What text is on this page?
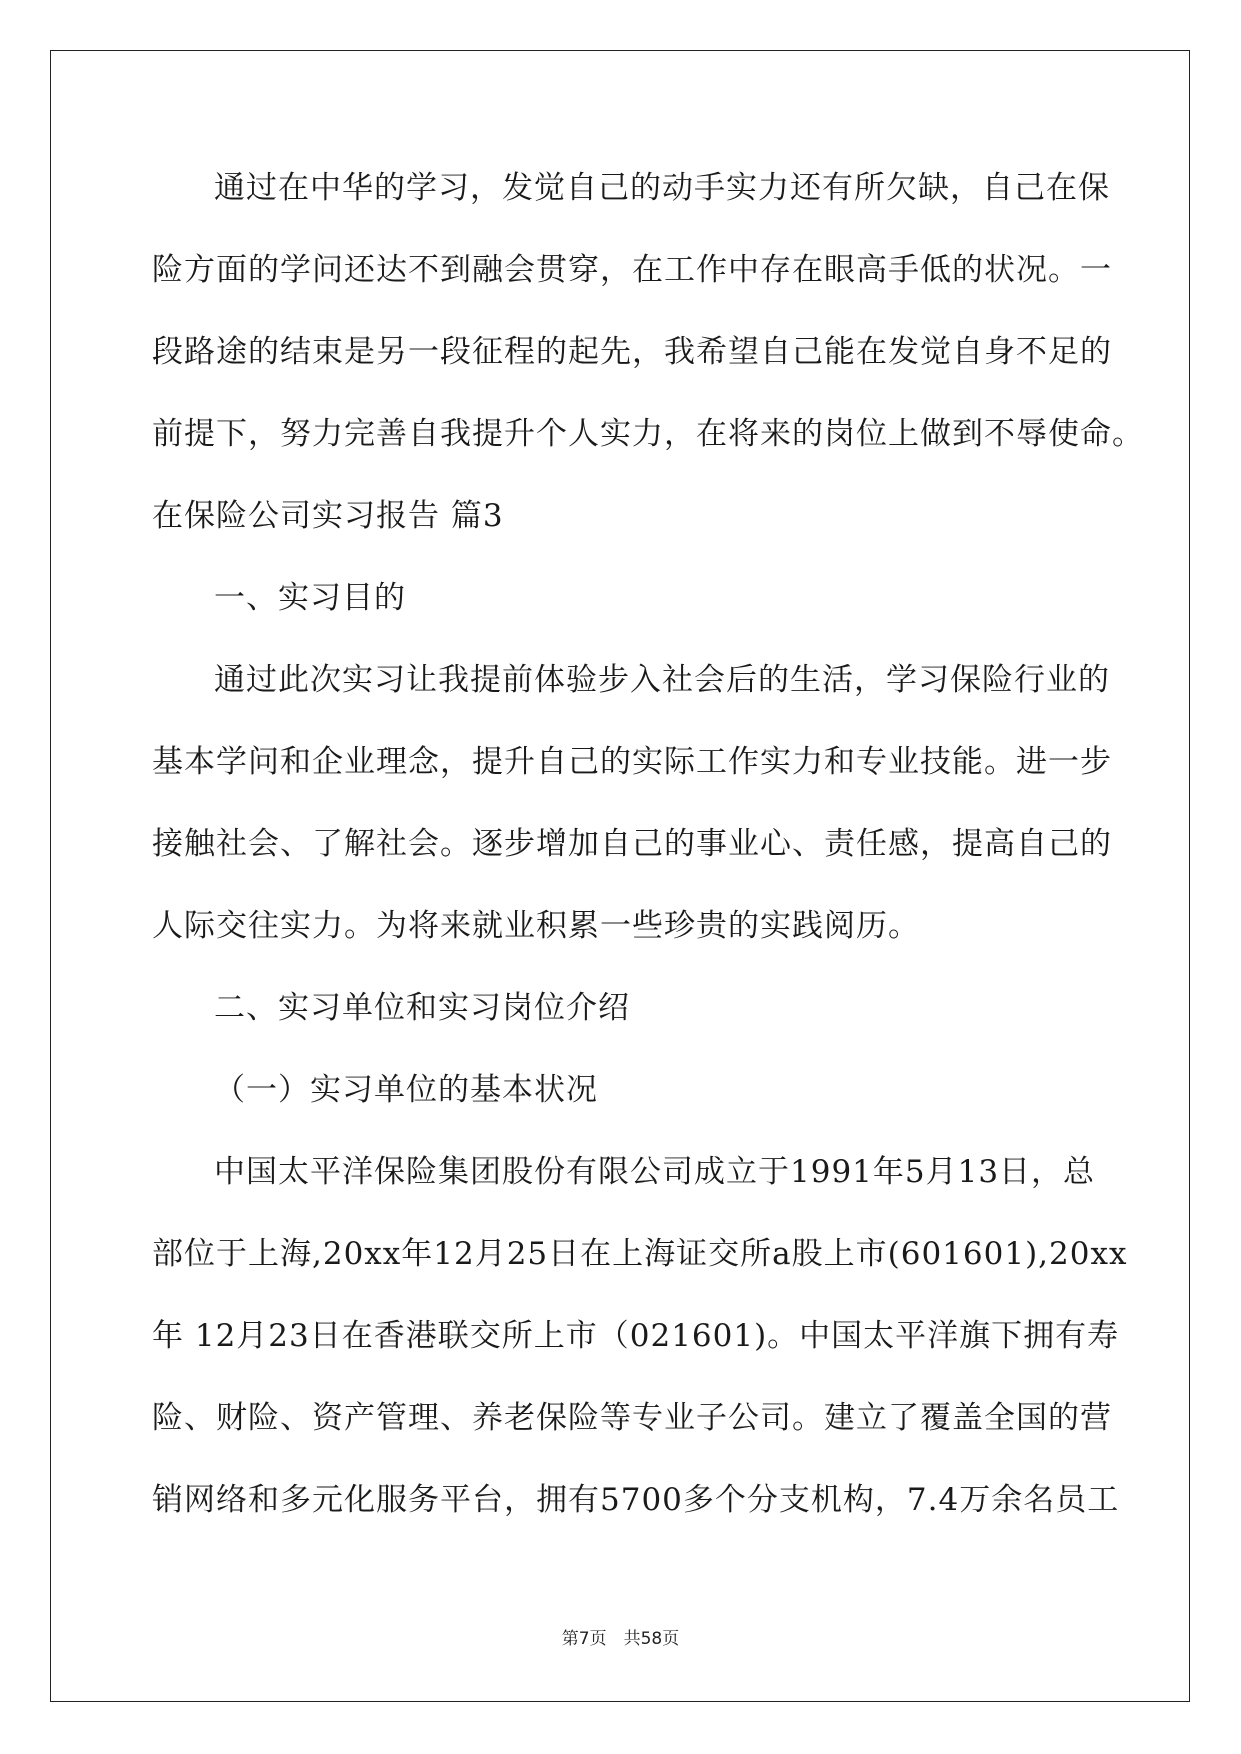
通过在中华的学习，发觉自己的动手实力还有所欠缺，自己在保
险方面的学问还达不到融会贯穿，在工作中存在眼高手低的状况。一
段路途的结束是另一段征程的起先，我希望自己能在发觉自身不足的
前提下，努力完善自我提升个人实力，在将来的岗位上做到不辱使命。
在保险公司实习报告 篇3
一、实习目的
通过此次实习让我提前体验步入社会后的生活，学习保险行业的
基本学问和企业理念，提升自己的实际工作实力和专业技能。进一步
接触社会、了解社会。逐步增加自己的事业心、责任感，提高自己的
人际交往实力。为将来就业积累一些珍贵的实践阅历。
二、实习单位和实习岗位介绍
（一）实习单位的基本状况
中国太平洋保险集团股份有限公司成立于1991年5月13日，总
部位于上海,20xx年12月25日在上海证交所a股上市(601601),20xx
年 12月23日在香港联交所上市（021601)。中国太平洋旗下拥有寿
险、财险、资产管理、养老保险等专业子公司。建立了覆盖全国的营
销网络和多元化服务平台，拥有5700多个分支机构，7.4万余名员工
第7页　共58页
